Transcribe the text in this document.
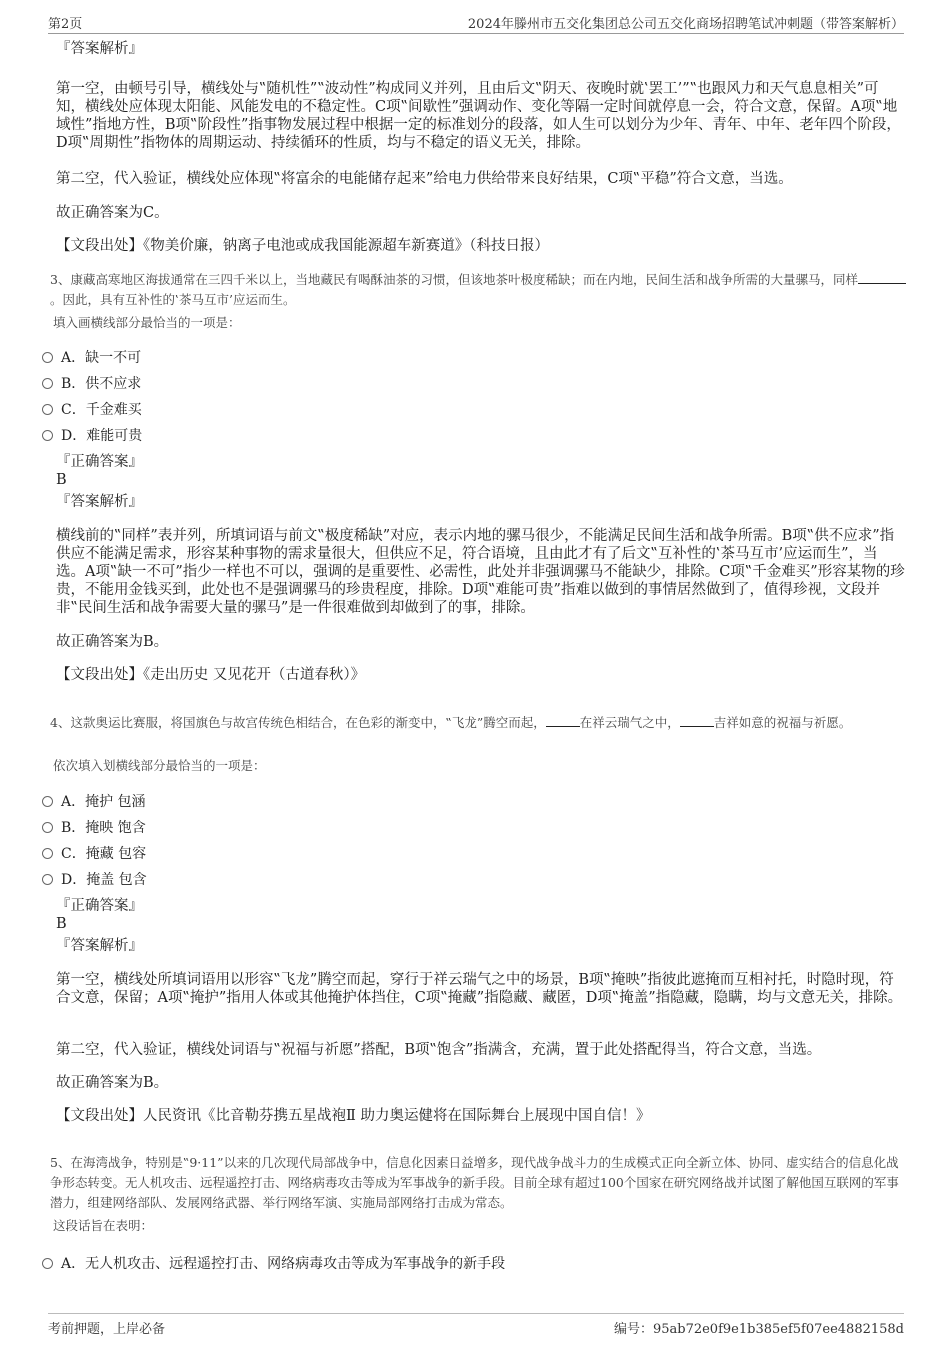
第2页	2024年滕州市五交化集团总公司五交化商场招聘笔试冲刺题（带答案解析）

『答案解析』

第一空，由顿号引导，横线处与‟随机性”‟波动性”构成同义并列，且由后文‟阴天、夜晚时就‛罢工’”‟也跟风力和天气息息相关”可知，横线处应体现太阳能、风能发电的不稳定性。C项‟间歇性”强调动作、变化等隔一定时间就停息一会，符合文意，保留。A项‟地域性”指地方性，B项‟阶段性”指事物发展过程中根据一定的标准划分的段落，如人生可以划分为少年、青年、中年、老年四个阶段，D项‟周期性”指物体的周期运动、持续循环的性质，均与不稳定的语义无关，排除。

第二空，代入验证，横线处应体现‟将富余的电能储存起来”给电力供给带来良好结果，C项‟平稳”符合文意，当选。

故正确答案为C。

【文段出处】《物美价廉，钠离子电池或成我国能源超车新赛道》（科技日报）

3、康藏高寒地区海拔通常在三四千米以上，当地藏民有喝酥油茶的习惯，但该地茶叶极度稀缺；而在内地，民间生活和战争所需的大量骡马，同样。因此，具有互补性的‛茶马互市’应运而生。

填入画横线部分最恰当的一项是：

A．缺一不可
B．供不应求
C．千金难买
D．难能可贵

『正确答案』

B

『答案解析』

横线前的‟同样”表并列，所填词语与前文‟极度稀缺”对应，表示内地的骡马很少，不能满足民间生活和战争所需。B项‟供不应求”指供应不能满足需求，形容某种事物的需求量很大，但供应不足，符合语境，且由此才有了后文‟互补性的‛茶马互市’应运而生”，当选。A项‟缺一不可”指少一样也不可以，强调的是重要性、必需性，此处并非强调骡马不能缺少，排除。C项‟千金难买”形容某物的珍贵，不能用金钱买到，此处也不是强调骡马的珍贵程度，排除。D项‟难能可贵”指难以做到的事情居然做到了，值得珍视，文段并非‟民间生活和战争需要大量的骡马”是一件很难做到却做到了的事，排除。

故正确答案为B。

【文段出处】《走出历史 又见花开（古道春秋）》

4、这款奥运比赛服，将国旗色与故宫传统色相结合，在色彩的渐变中，‟飞龙”腾空而起，	在祥云瑞气之中，	吉祥如意的祝福与祈愿。

依次填入划横线部分最恰当的一项是：

A．掩护 包涵
B．掩映 饱含
C．掩藏 包容
D．掩盖 包含

『正确答案』

B

『答案解析』

第一空，横线处所填词语用以形容‟飞龙”腾空而起，穿行于祥云瑞气之中的场景，B项‟掩映”指彼此遮掩而互相衬托，时隐时现，符合文意，保留；A项‟掩护”指用人体或其他掩护体挡住，C项‟掩藏”指隐藏、藏匿，D项‟掩盖”指隐藏，隐瞒，均与文意无关，排除。

第二空，代入验证，横线处词语与‟祝福与祈愿”搭配，B项‟饱含”指满含，充满，置于此处搭配得当，符合文意，当选。

故正确答案为B。

【文段出处】人民资讯《比音勒芬携五星战袍Ⅱ 助力奥运健将在国际舞台上展现中国自信！》

5、在海湾战争，特别是‟9·11”以来的几次现代局部战争中，信息化因素日益增多，现代战争战斗力的生成模式正向全新立体、协同、虚实结合的信息化战争形态转变。无人机攻击、远程遥控打击、网络病毒攻击等成为军事战争的新手段。目前全球有超过100个国家在研究网络战并试图了解他国互联网的军事潜力，组建网络部队、发展网络武器、举行网络军演、实施局部网络打击成为常态。

这段话旨在表明：

A．无人机攻击、远程遥控打击、网络病毒攻击等成为军事战争的新手段
考前押题，上岸必备	编号：95ab72e0f9e1b385ef5f07ee4882158d
